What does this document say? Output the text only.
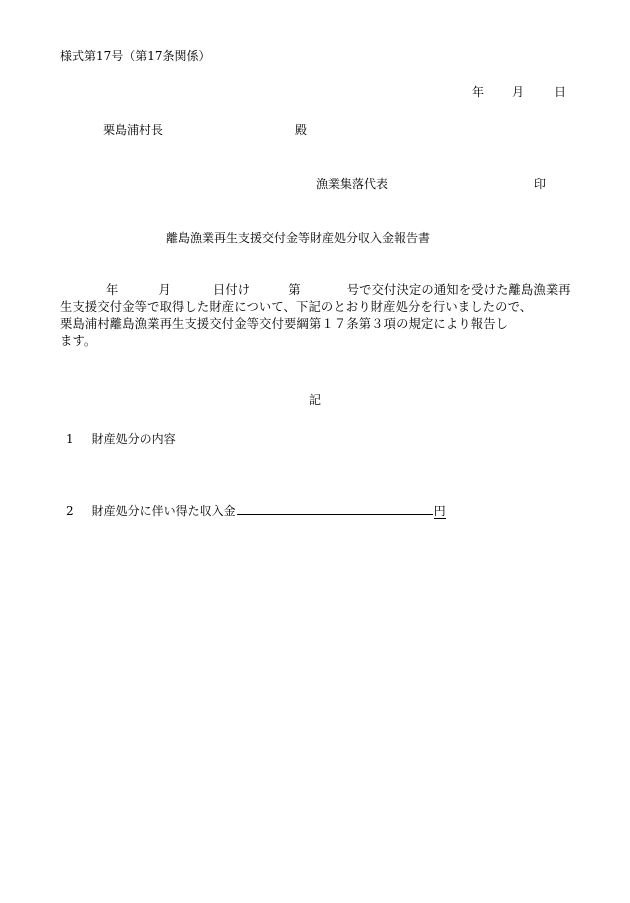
様式第17号（第17条関係）
年 月 日
栗島浦村長	殿
漁業集落代表	印
離島漁業再生支援交付金等財産処分収入金報告書
年	月	日付け	第	号で交付決定の通知を受けた離島漁業再
生支援交付金等で取得した財産について、下記のとおり財産処分を行いましたので、
栗島浦村離島漁業再生支援交付金等交付要綱第１７条第３項の規定により報告し
ます。
記
1 財産処分の内容
2 財産処分に伴い得た収入金	円
